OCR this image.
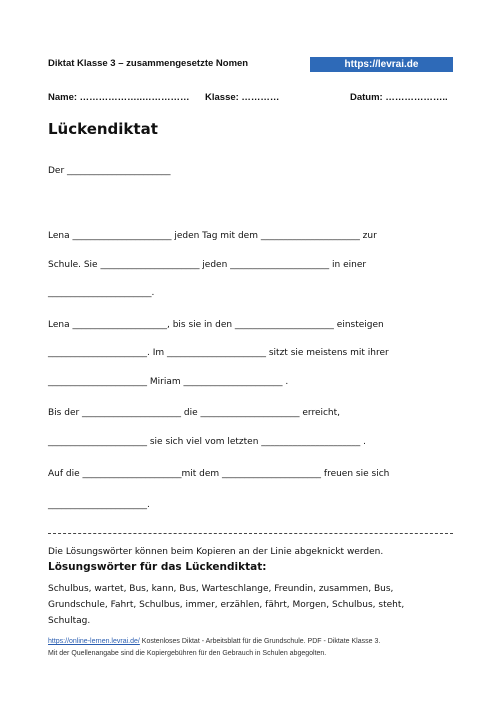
Diktat Klasse 3 – zusammengesetzte Nomen	https://levrai.de
Name: ………………..…………… Klasse: …………	Datum: ………………..
Lückendiktat
Der _______________________
Lena ______________________ jeden Tag mit dem ______________________ zur
Schule. Sie ______________________ jeden ______________________ in einer
_______________________.
Lena _____________________, bis sie in den ______________________ einsteigen
______________________. Im ______________________ sitzt sie meistens mit ihrer
______________________ Miriam ______________________ .
Bis der ______________________ die ______________________ erreicht,
______________________ sie sich viel vom letzten ______________________ .
Auf die ______________________mit dem ______________________ freuen sie sich
______________________.
Die Lösungswörter können beim Kopieren an der Linie abgeknickt werden.
Lösungswörter für das Lückendiktat:
Schulbus, wartet, Bus, kann, Bus, Warteschlange, Freundin, zusammen, Bus, Grundschule, Fahrt, Schulbus, immer, erzählen, fährt, Morgen, Schulbus, steht, Schultag.
https://online-lernen.levrai.de/ Kostenloses Diktat - Arbeitsblatt für die Grundschule. PDF - Diktate Klasse 3.
Mit der Quellenangabe sind die Kopiergebühren für den Gebrauch in Schulen abgegolten.
